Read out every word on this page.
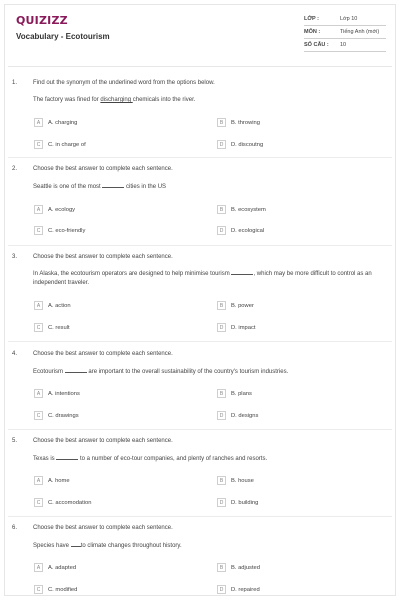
QUIZIZZ
Vocabulary - Ecotourism
LỚP :	Lớp 10
MÔN :	Tiếng Anh (mới)
SỐ CÂU :	10
1.	Find out the synonym of the underlined word from the options below.
The factory was fined for discharging chemicals into the river.
A	A. charging	B	B. throwing
C	C. in charge of	D	D. discoutng
2.	Choose the best answer to complete each sentence.
Seattle is one of the most	cities in the US
A	A. ecology	B	B. ecosystem
C	C. eco-friendly	D	D. ecological
3.	Choose the best answer to complete each sentence.
In Alaska, the ecotourism operators are designed to help minimise tourism	, which may be more difficult to control as an independent traveler.
A	A. action	B	B. power
C	C. result	D	D. impact
4.	Choose the best answer to complete each sentence.
Ecotourism	are important to the overall sustainability of the country's tourism industries.
A	A. intentions	B	B. plans
C	C. drawings	D	D. designs
5.	Choose the best answer to complete each sentence.
Texas is	to a number of eco-tour companies, and plenty of ranches and resorts.
A	A. home	B	B. house
C	C. accomodation	D	D. building
6.	Choose the best answer to complete each sentence.
Species have to climate changes throughout history.
A	A. adapted	B	B. adjusted
C	C. modified	D	D. repaired
